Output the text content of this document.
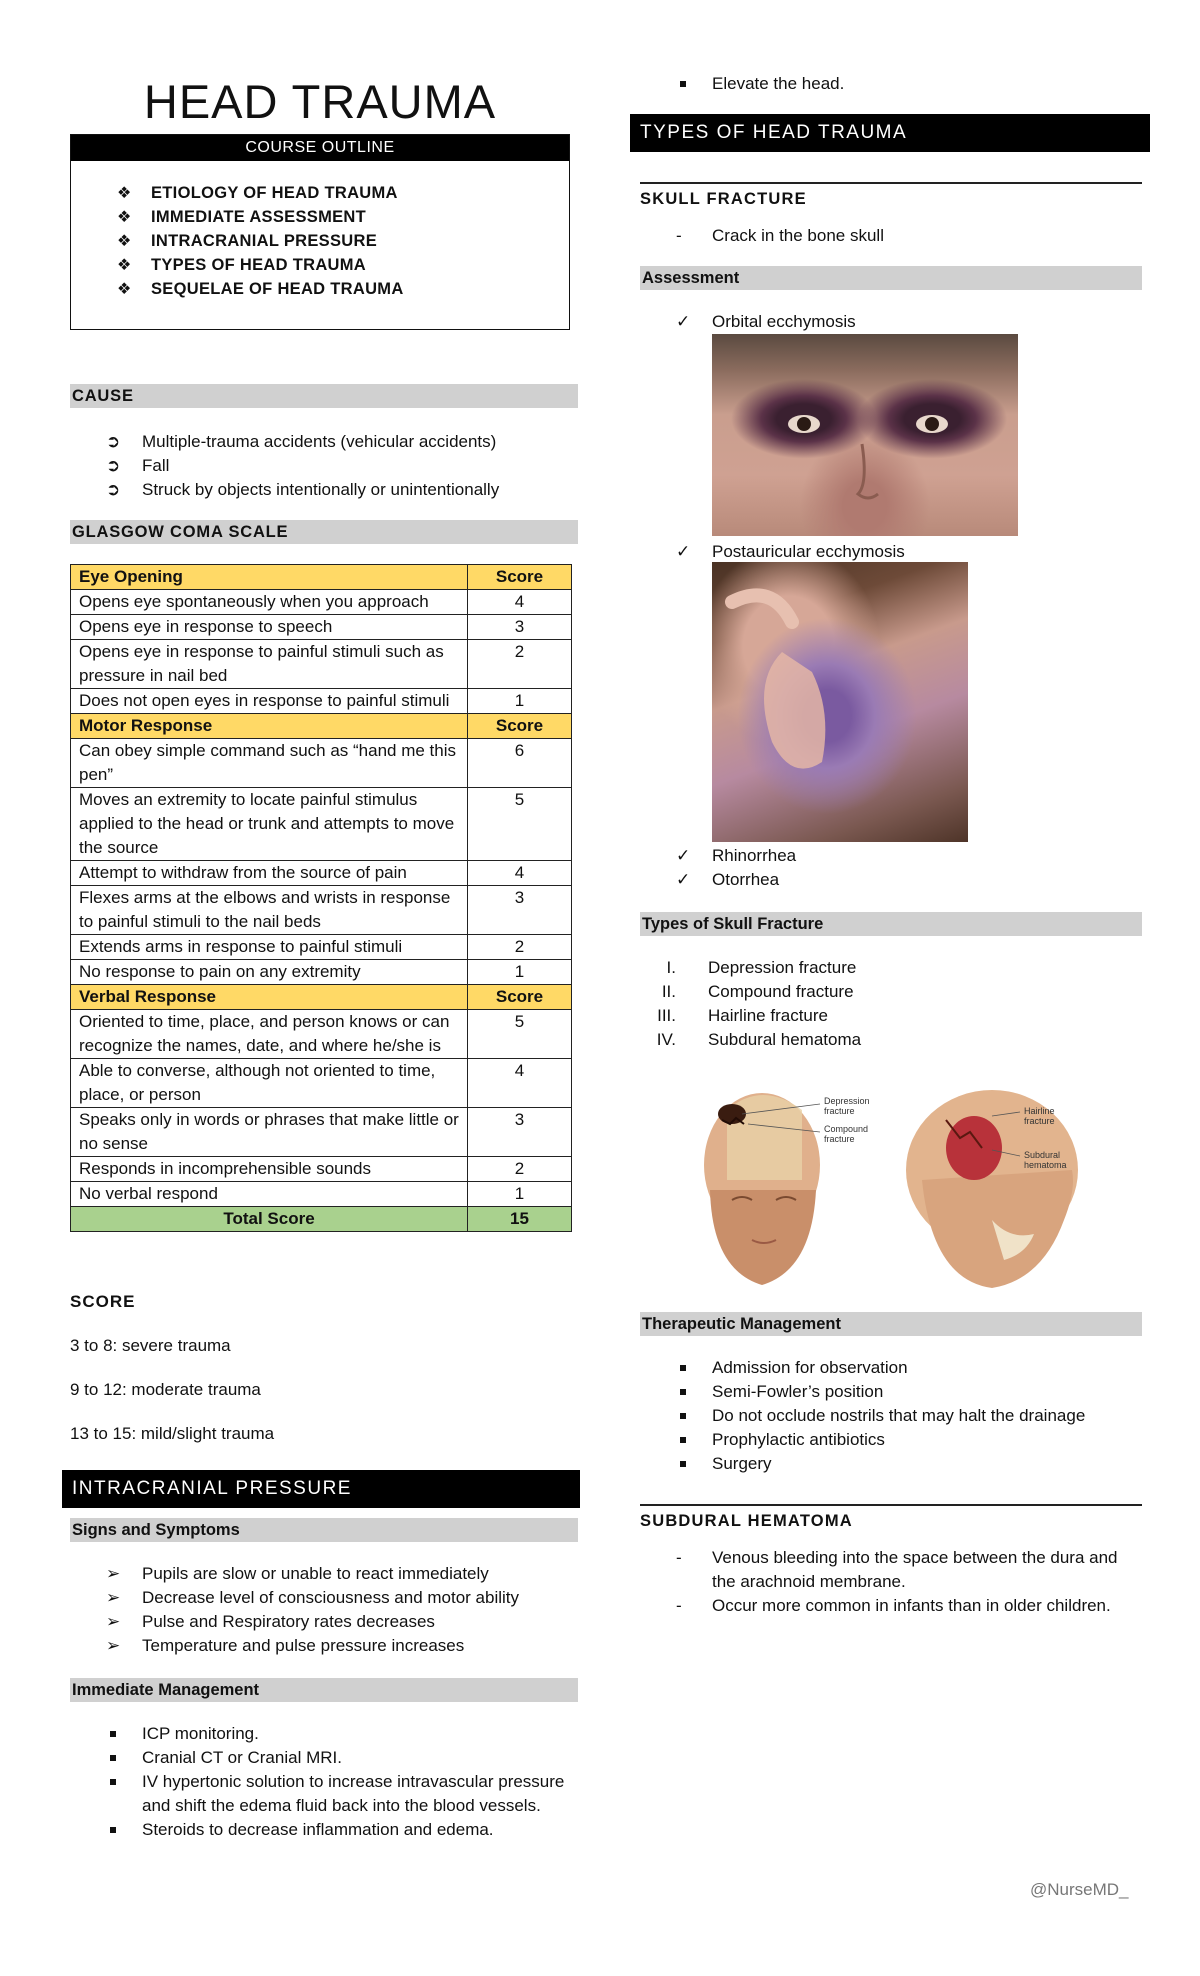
HEAD TRAUMA
COURSE OUTLINE
❖ ETIOLOGY OF HEAD TRAUMA
❖ IMMEDIATE ASSESSMENT
❖ INTRACRANIAL PRESSURE
❖ TYPES OF HEAD TRAUMA
❖ SEQUELAE OF HEAD TRAUMA
CAUSE
➲	Multiple-trauma accidents (vehicular accidents)
➲	Fall
➲	Struck by objects intentionally or unintentionally
GLASGOW COMA SCALE
Eye Opening	Score
Opens eye spontaneously when you approach	4
Opens eye in response to speech	3
Opens eye in response to painful stimuli such as pressure in nail bed	2
Does not open eyes in response to painful stimuli	1
Motor Response	Score
Can obey simple command such as “hand me this pen”	6
Moves an extremity to locate painful stimulus applied to the head or trunk and attempts to move the source	5
Attempt to withdraw from the source of pain	4
Flexes arms at the elbows and wrists in response to painful stimuli to the nail beds	3
Extends arms in response to painful stimuli	2
No response to pain on any extremity	1
Verbal Response	Score
Oriented to time, place, and person knows or can recognize the names, date, and where he/she is	5
Able to converse, although not oriented to time, place, or person	4
Speaks only in words or phrases that make little or no sense	3
Responds in incomprehensible sounds	2
No verbal respond	1
Total Score	15
SCORE
3 to 8: severe trauma
9 to 12: moderate trauma
13 to 15: mild/slight trauma
INTRACRANIAL PRESSURE
Signs and Symptoms
➢	Pupils are slow or unable to react immediately
➢	Decrease level of consciousness and motor ability
➢	Pulse and Respiratory rates decreases
➢	Temperature and pulse pressure increases
Immediate Management
ICP monitoring.
Cranial CT or Cranial MRI.
IV hypertonic solution to increase intravascular pressure and shift the edema fluid back into the blood vessels.
Steroids to decrease inflammation and edema.
Elevate the head.
TYPES OF HEAD TRAUMA
SKULL FRACTURE
-	Crack in the bone skull
Assessment
✓	Orbital ecchymosis
✓	Postauricular ecchymosis
✓	Rhinorrhea
✓	Otorrhea
Types of Skull Fracture
I. Depression fracture
II. Compound fracture
III. Hairline fracture
IV. Subdural hematoma
Depression fracture
Compound fracture
Hairline fracture
Subdural hematoma
Therapeutic Management
Admission for observation
Semi-Fowler’s position
Do not occlude nostrils that may halt the drainage
Prophylactic antibiotics
Surgery
SUBDURAL HEMATOMA
-	Venous bleeding into the space between the dura and the arachnoid membrane.
-	Occur more common in infants than in older children.
@NurseMD_
